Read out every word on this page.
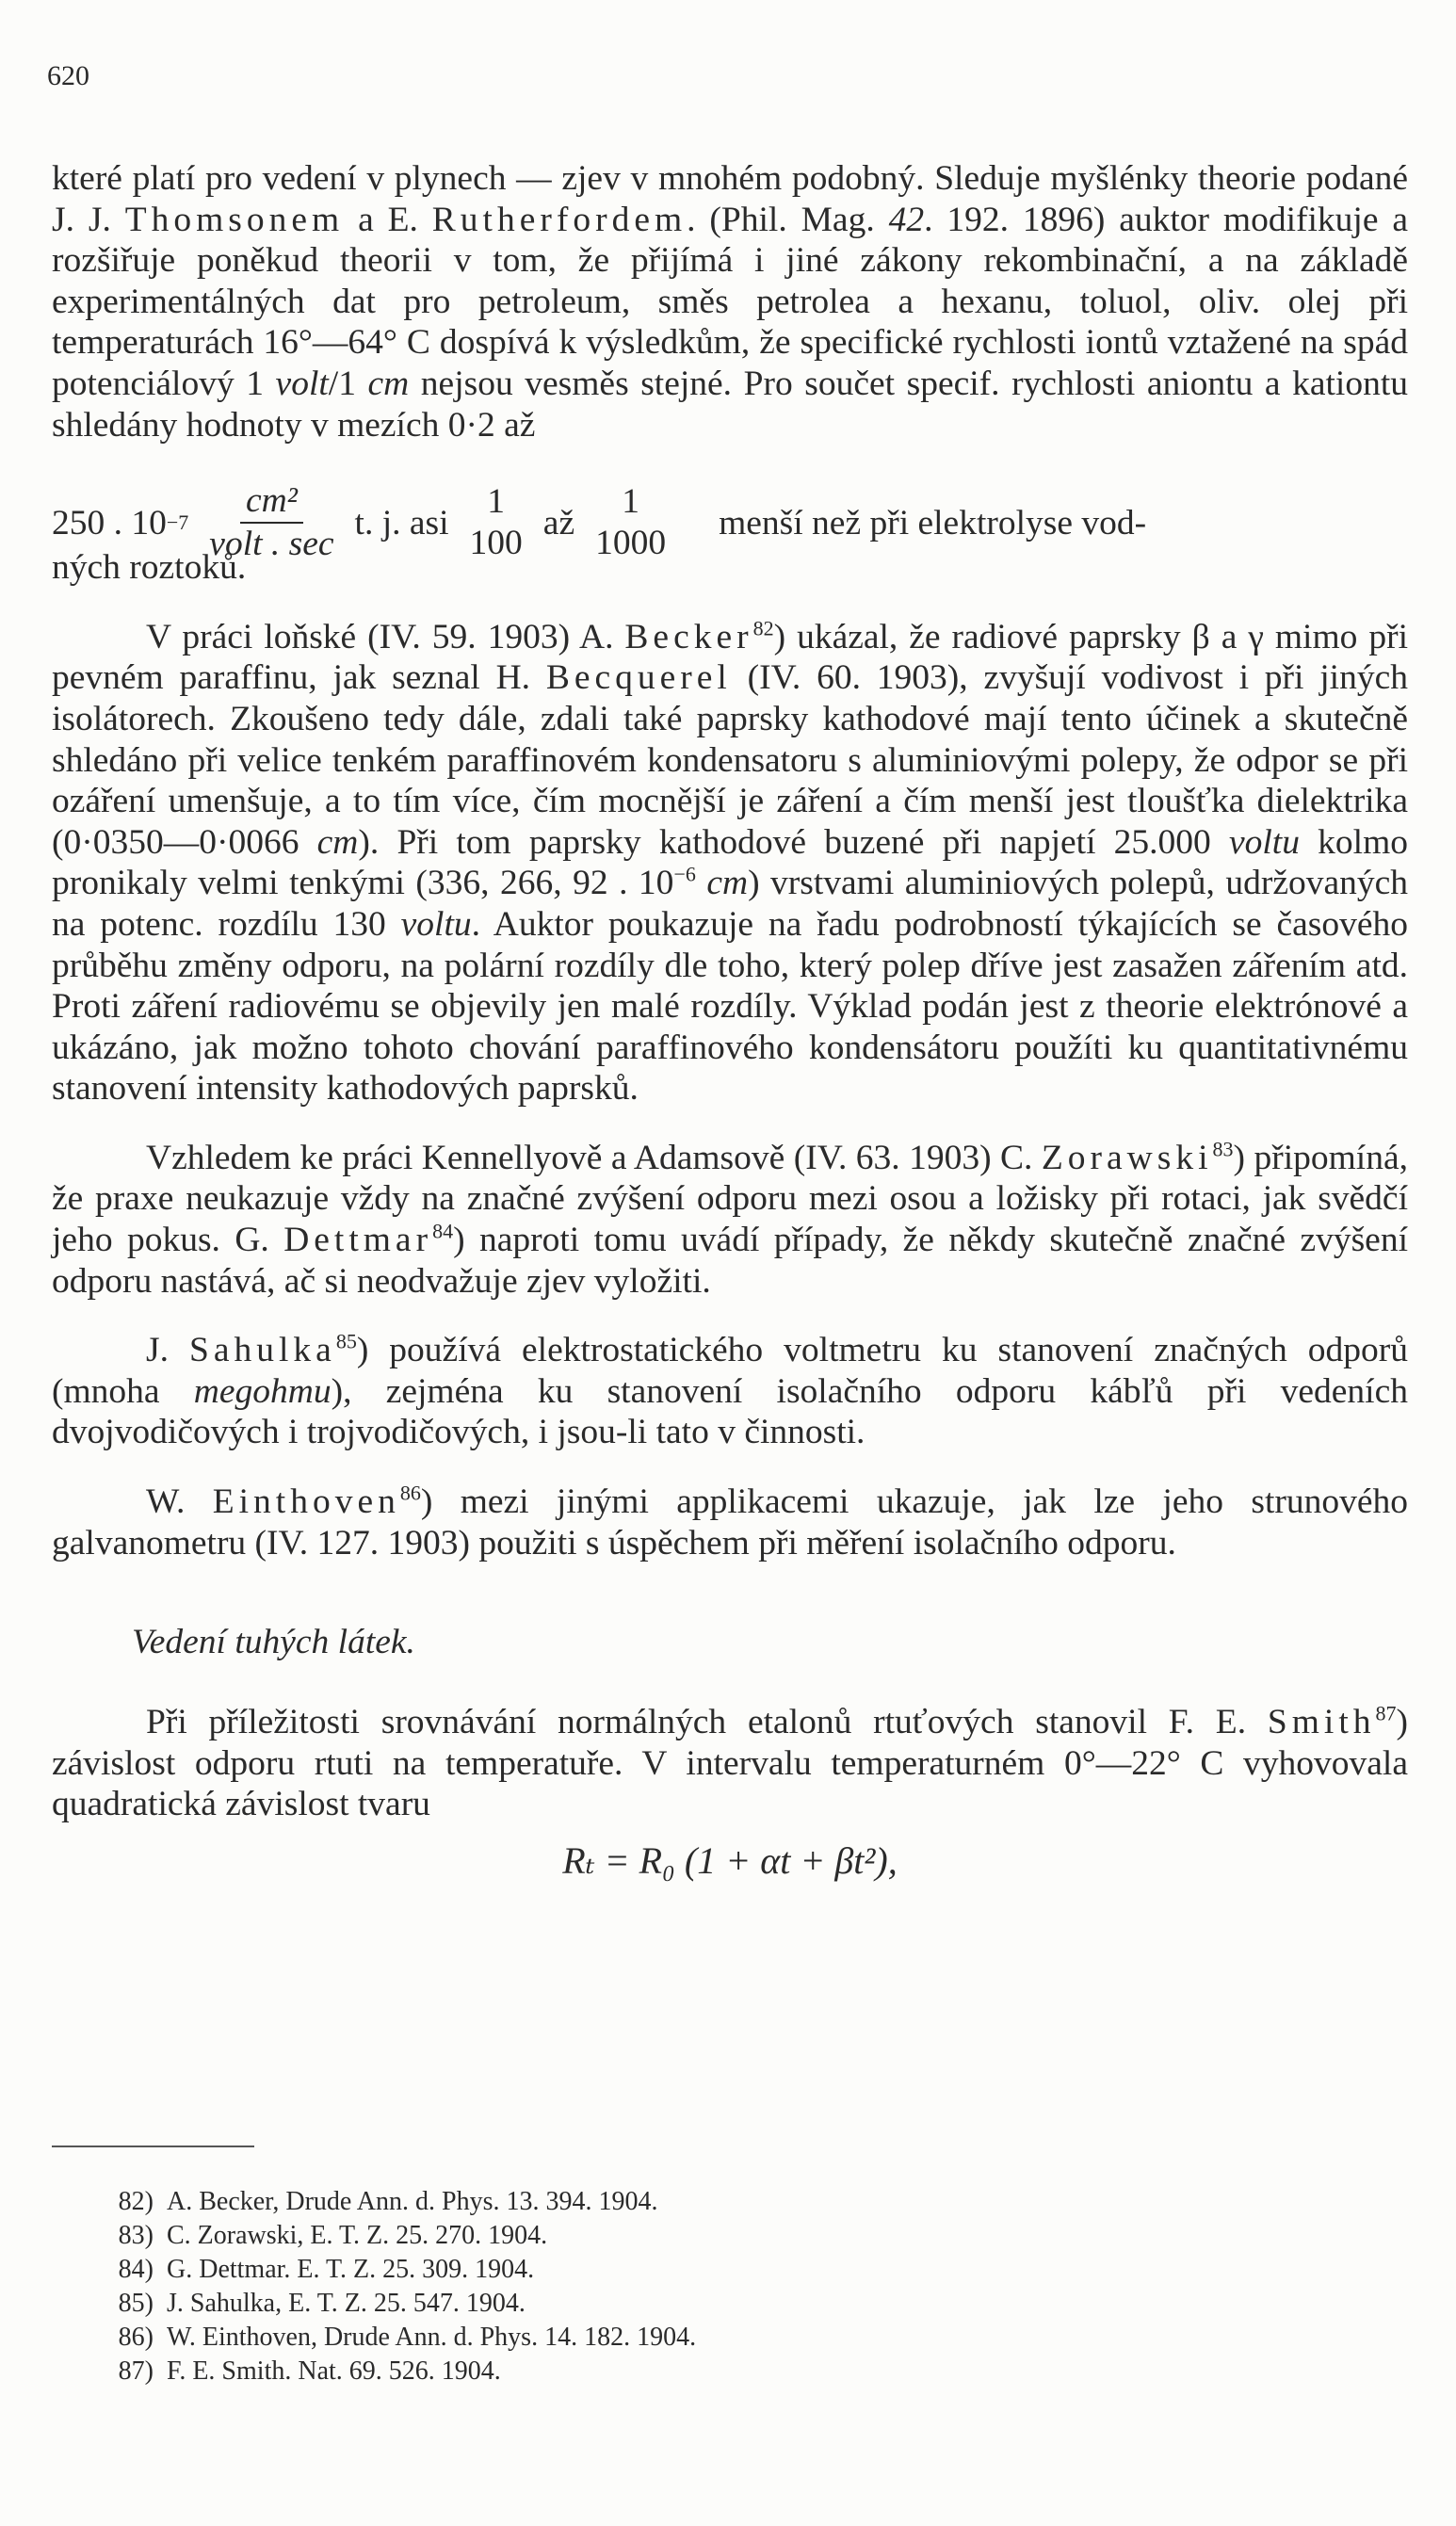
620

které platí pro vedení v plynech — zjev v mnohém podobný. Sleduje myšlénky theorie podané J. J. Thomsonem a E. Rutherfordem. (Phil. Mag. 42. 192. 1896) auktor modifikuje a rozšiřuje poněkud theorii v tom, že přijímá i jiné zákony rekombinační, a na základě experimentálných dat pro petroleum, směs petrolea a hexanu, toluol, oliv. olej při temperaturách 16°—64° C dospívá k výsledkům, že specifické rychlosti iontů vztažené na spád potenciálový 1 volt/1 cm nejsou vesměs stejné. Pro součet specif. rychlosti aniontu a kationtu shledány hodnoty v mezích 0·2 až

250 . $10 -7 \frac{\text{cm²}}{\text{volt . sec}} t$. j. asi
1
100
až
1
1000
menší než při elektrolyse vod-

ných roztoků.

V práci loňské (IV. 59. 1903) A. Becker$^{82}$) ukázal, že radiové paprsky β a γ mimo při pevném paraffinu, jak seznal H. Becquerel (IV. 60. 1903), zvyšují vodivost i při jiných isolátorech. Zkoušeno tedy dále, zdali také paprsky kathodové mají tento účinek a skutečně shledáno při velice tenkém paraffinovém kondensatoru s aluminiovými polepy, že odpor se při ozáření umenšuje, a to tím více, čím mocnější je záření a čím menší jest tloušťka dielektrika (0·0350—0·0066 cm). Při tom paprsky kathodové buzené při napjetí 25.000 voltu kolmo pronikaly velmi tenkými (336, 266, 92 . $10^{-6}$ cm) vrstvami aluminiových polepů, udržovaných na potenc. rozdílu 130 voltu. Auktor poukazuje na řadu podrobností týkajících se časového průběhu změny odporu, na polární rozdíly dle toho, který polep dříve jest zasažen zářením atd. Proti záření radiovému se objevily jen malé rozdíly. Výklad podán jest z theorie elektrónové a ukázáno, jak možno tohoto chování paraffinového kondensátoru použíti ku quantitativnému stanovení intensity kathodových paprsků.

Vzhledem ke práci Kennellyově a Adamsově (IV. 63. 1903) C. Zorawski$^{83}$) připomíná, že praxe neukazuje vždy na značné zvýšení odporu mezi osou a ložisky při rotaci, jak svědčí jeho pokus. G. Dettmar$^{84}$) naproti tomu uvádí případy, že někdy skutečně značné zvýšení odporu nastává, ač si neodvažuje zjev vyložiti.

J. Sahulka$^{85}$) používá elektrostatického voltmetru ku stanovení značných odporů (mnoha megohmu), zejména ku stanovení isolačního odporu kábľů při vedeních dvojvodičových i trojvodičových, i jsou-li tato v činnosti.

W. Einthoven$^{86}$) mezi jinými applikacemi ukazuje, jak lze jeho strunového galvanometru (IV. 127. 1903) použiti s úspěchem při měření isolačního odporu.

Vedení tuhých látek.

Při příležitosti srovnávání normálných etalonů rtuťových stanovil F. E. Smith$^{87}$) závislost odporu rtuti na temperatuře. V intervalu temperaturném 0°—22° C vyhovovala quadratická závislost tvaru

Rₜ = R₀ (1 + αt + βt²),
82) A. Becker, Drude Ann. d. Phys. 13. 394. 1904.
83) C. Zorawski, E. T. Z. 25. 270. 1904.
84) G. Dettmar. E. T. Z. 25. 309. 1904.
85) J. Sahulka, E. T. Z. 25. 547. 1904.
86) W. Einthoven, Drude Ann. d. Phys. 14. 182. 1904.
87) F. E. Smith. Nat. 69. 526. 1904.
